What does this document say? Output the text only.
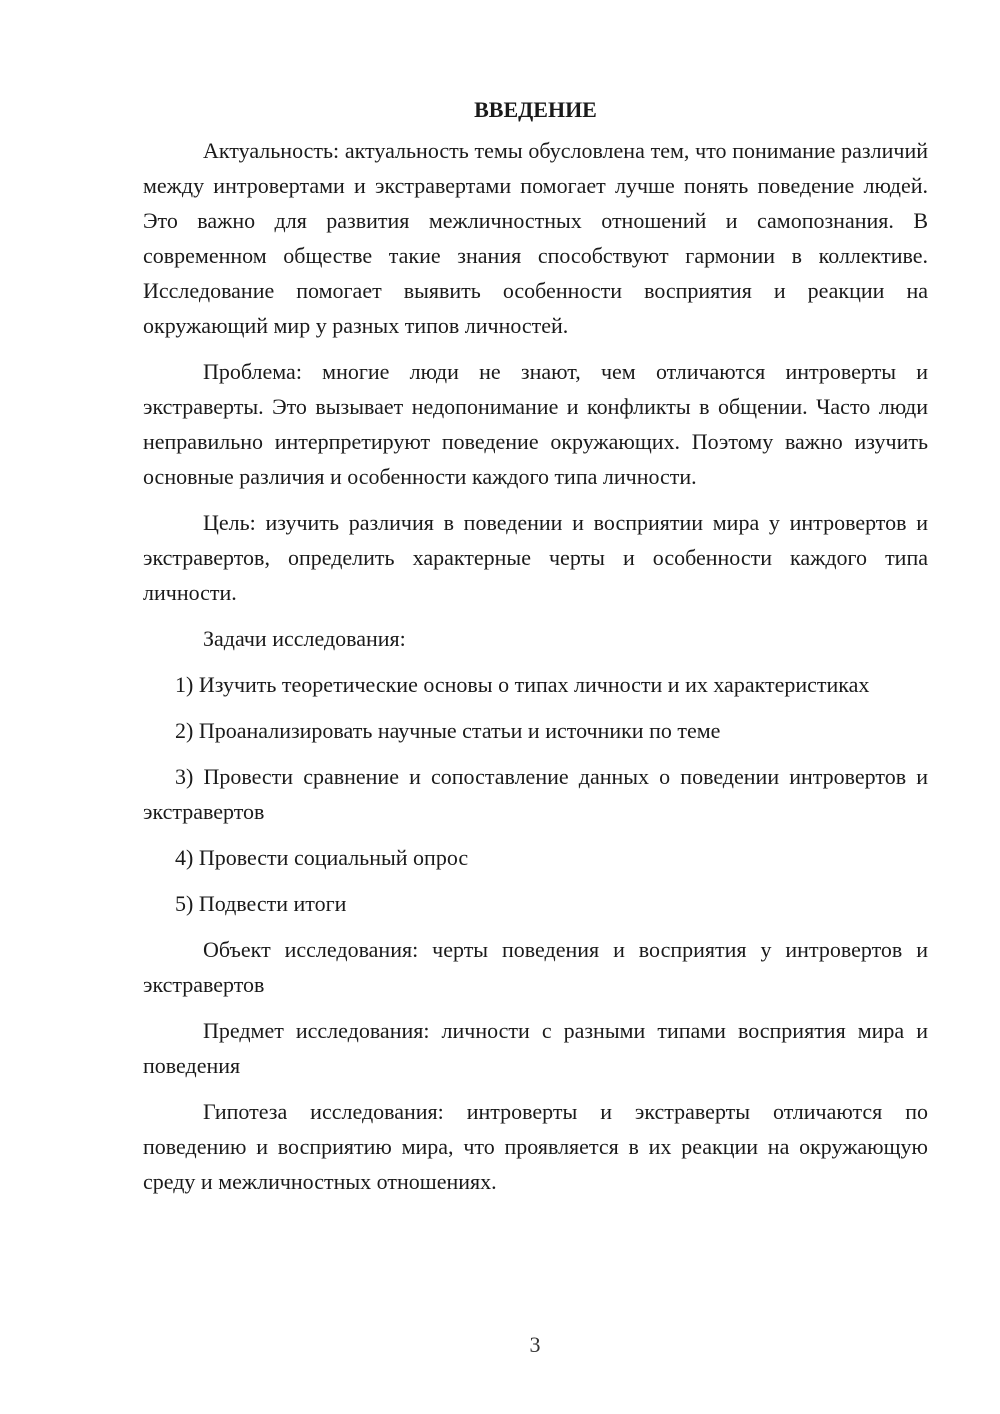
ВВЕДЕНИЕ

Актуальность: актуальность темы обусловлена тем, что понимание различий между интровертами и экстравертами помогает лучше понять поведение людей. Это важно для развития межличностных отношений и самопознания. В современном обществе такие знания способствуют гармонии в коллективе. Исследование помогает выявить особенности восприятия и реакции на окружающий мир у разных типов личностей.

Проблема: многие люди не знают, чем отличаются интроверты и экстраверты. Это вызывает недопонимание и конфликты в общении. Часто люди неправильно интерпретируют поведение окружающих. Поэтому важно изучить основные различия и особенности каждого типа личности.

Цель: изучить различия в поведении и восприятии мира у интровертов и экстравертов, определить характерные черты и особенности каждого типа личности.

Задачи исследования:

1) Изучить теоретические основы о типах личности и их характеристиках

2) Проанализировать научные статьи и источники по теме

3) Провести сравнение и сопоставление данных о поведении интровертов и экстравертов

4) Провести социальный опрос

5) Подвести итоги

Объект исследования: черты поведения и восприятия у интровертов и экстравертов

Предмет исследования: личности с разными типами восприятия мира и поведения

Гипотеза исследования: интроверты и экстраверты отличаются по поведению и восприятию мира, что проявляется в их реакции на окружающую среду и межличностных отношениях.

3
